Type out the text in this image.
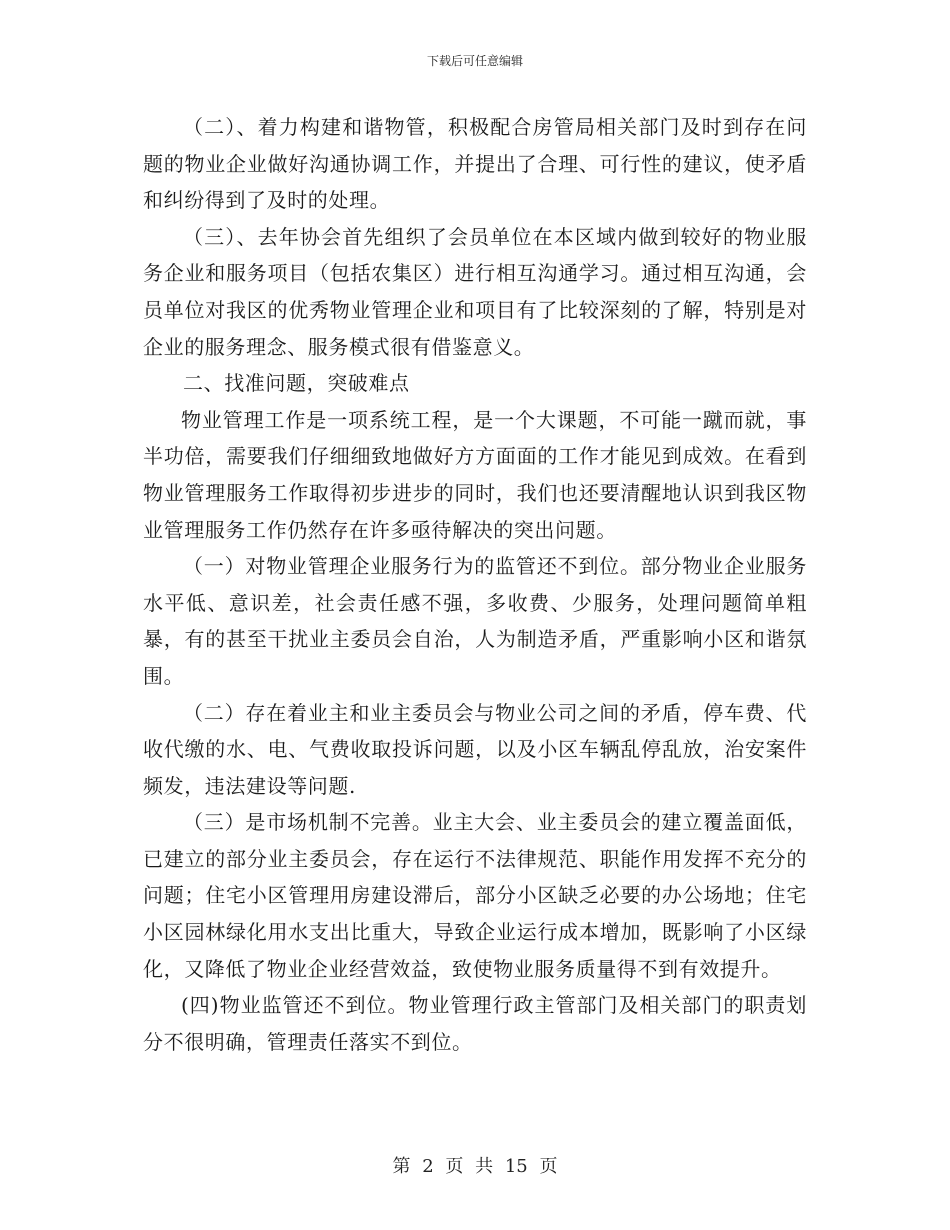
下载后可任意编辑

（二）、着力构建和谐物管，积极配合房管局相关部门及时到存在问题的物业企业做好沟通协调工作，并提出了合理、可行性的建议，使矛盾和纠纷得到了及时的处理。

（三）、去年协会首先组织了会员单位在本区域内做到较好的物业服务企业和服务项目（包括农集区）进行相互沟通学习。通过相互沟通，会员单位对我区的优秀物业管理企业和项目有了比较深刻的了解，特别是对企业的服务理念、服务模式很有借鉴意义。

二、找准问题，突破难点

物业管理工作是一项系统工程，是一个大课题，不可能一蹴而就，事半功倍，需要我们仔细细致地做好方方面面的工作才能见到成效。在看到物业管理服务工作取得初步进步的同时，我们也还要清醒地认识到我区物业管理服务工作仍然存在许多亟待解决的突出问题。

（一）对物业管理企业服务行为的监管还不到位。部分物业企业服务水平低、意识差，社会责任感不强，多收费、少服务，处理问题简单粗暴，有的甚至干扰业主委员会自治，人为制造矛盾，严重影响小区和谐氛围。

（二）存在着业主和业主委员会与物业公司之间的矛盾，停车费、代收代缴的水、电、气费收取投诉问题，以及小区车辆乱停乱放，治安案件频发，违法建设等问题.

（三）是市场机制不完善。业主大会、业主委员会的建立覆盖面低，已建立的部分业主委员会，存在运行不法律规范、职能作用发挥不充分的问题；住宅小区管理用房建设滞后，部分小区缺乏必要的办公场地；住宅小区园林绿化用水支出比重大，导致企业运行成本增加，既影响了小区绿化，又降低了物业企业经营效益，致使物业服务质量得不到有效提升。

(四)物业监管还不到位。物业管理行政主管部门及相关部门的职责划分不很明确，管理责任落实不到位。

第 2 页 共 15 页
